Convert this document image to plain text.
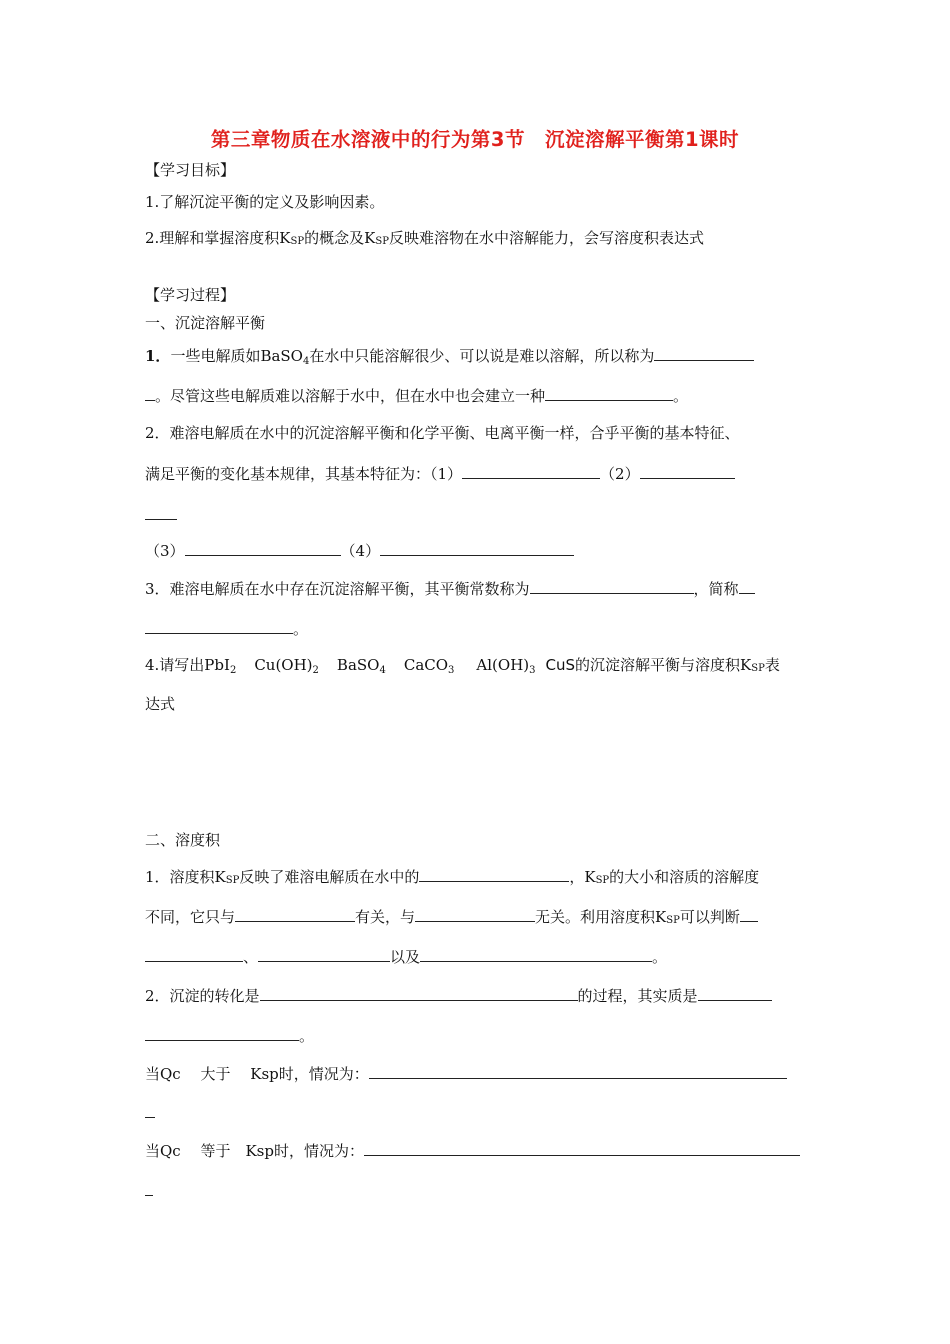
第三章物质在水溶液中的行为第3节　沉淀溶解平衡第1课时
【学习目标】
1.了解沉淀平衡的定义及影响因素。
2.理解和掌握溶度积KSP的概念及KSP反映难溶物在水中溶解能力，会写溶度积表达式
【学习过程】
一、沉淀溶解平衡
1．一些电解质如BaSO$_4$在水中只能溶解很少、可以说是难以溶解，所以称为
。尽管这些电解质难以溶解于水中，但在水中也会建立一种	。
2．难溶电解质在水中的沉淀溶解平衡和化学平衡、电离平衡一样，合乎平衡的基本特征、
满足平衡的变化基本规律，其基本特征为：（1）	（2）
（3）	（4）
3．难溶电解质在水中存在沉淀溶解平衡，其平衡常数称为	，简称
。
4.请写出PbI$_2$ $Cu(OH)_2$ BaSO$_4$ CaCO$_3$ $Al(OH)_3$ CuS的沉淀溶解平衡与溶度积KSP表
达式
二、溶度积
1．溶度积KSP反映了难溶电解质在水中的	，KSP的大小和溶质的溶解度
不同，它只与	有关，与	无关。利用溶度积KSP可以判断
、	以及	。
2．沉淀的转化是	的过程，其实质是
。
当Qc　 大于　 Ksp时，情况为：
当Qc　 等于　Ksp时，情况为：
